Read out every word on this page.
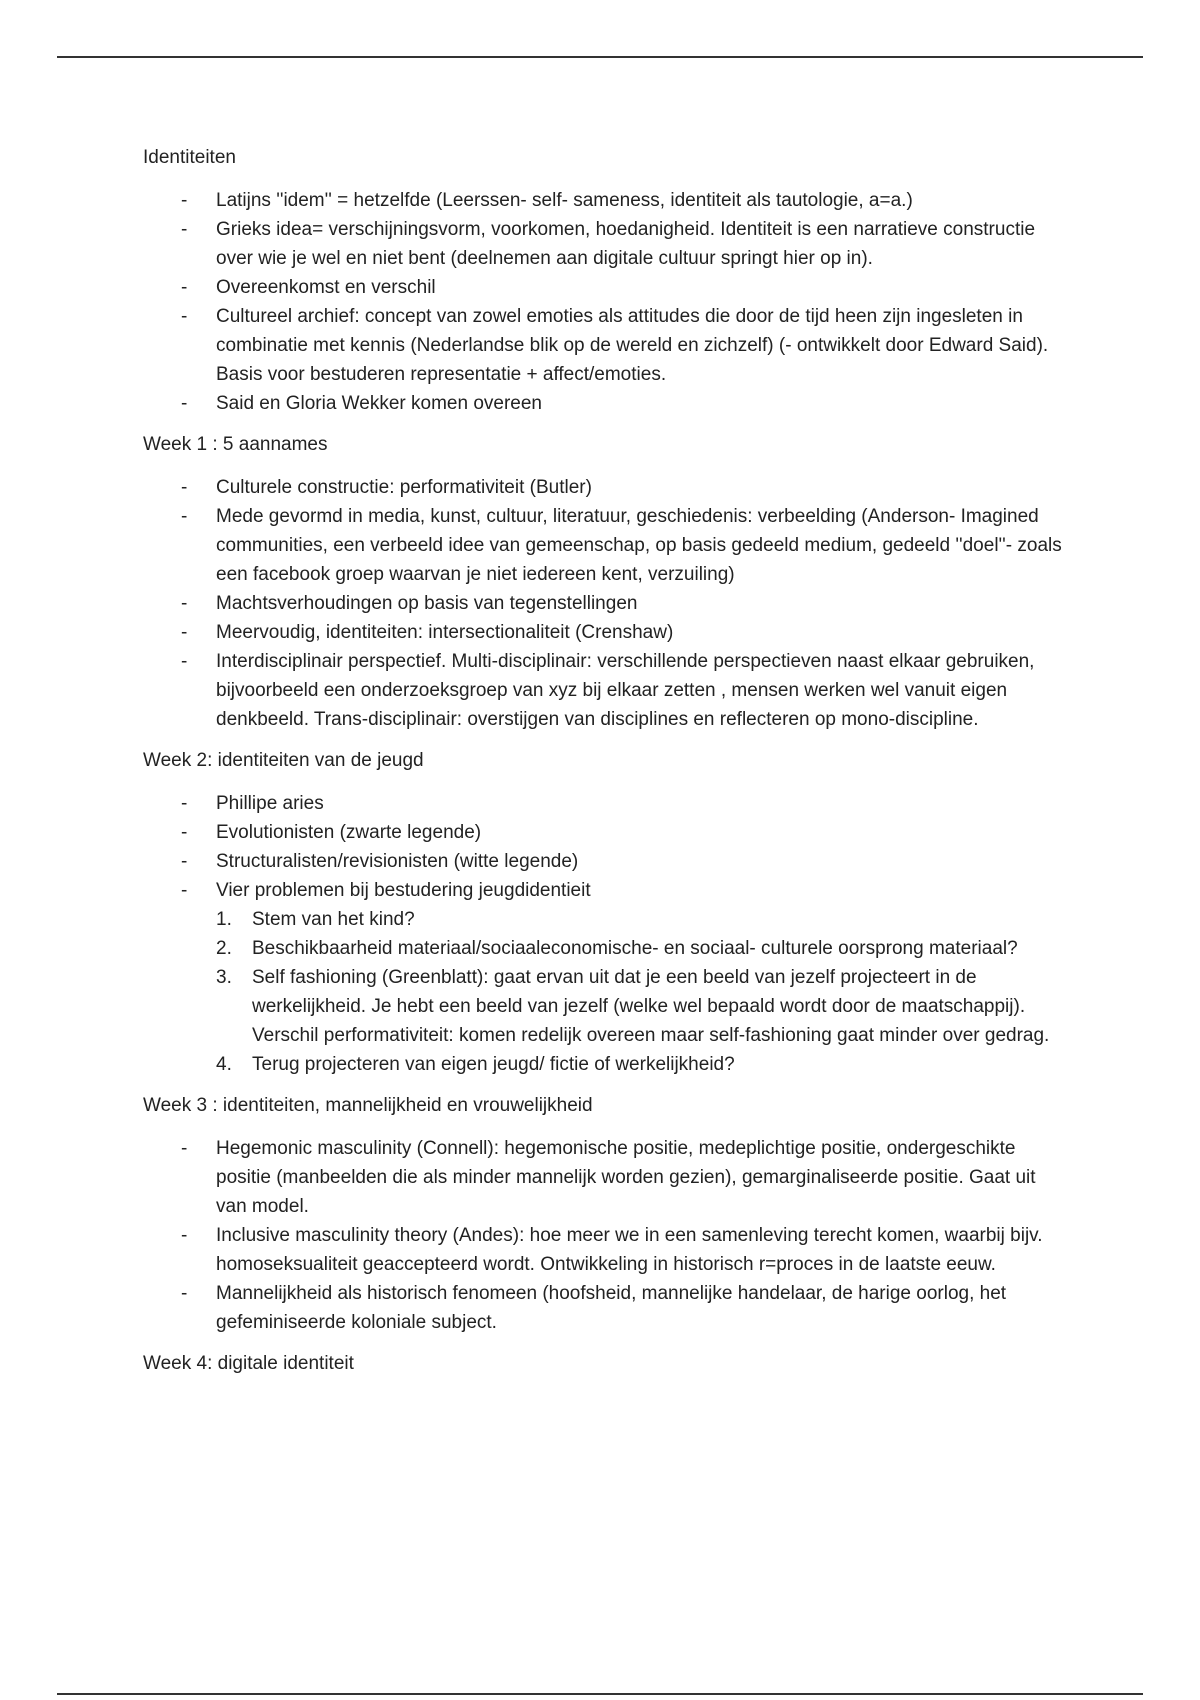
Identiteiten

- Latijns ''idem'' = hetzelfde (Leerssen- self- sameness, identiteit als tautologie, a=a.)
- Grieks idea= verschijningsvorm, voorkomen, hoedanigheid. Identiteit is een narratieve constructie over wie je wel en niet bent (deelnemen aan digitale cultuur springt hier op in).
- Overeenkomst en verschil
- Cultureel archief: concept van zowel emoties als attitudes die door de tijd heen zijn ingesleten in combinatie met kennis (Nederlandse blik op de wereld en zichzelf) (- ontwikkelt door Edward Said). Basis voor bestuderen representatie + affect/emoties.
- Said en Gloria Wekker komen overeen

Week 1 : 5 aannames

- Culturele constructie: performativiteit (Butler)
- Mede gevormd in media, kunst, cultuur, literatuur, geschiedenis: verbeelding (Anderson- Imagined communities, een verbeeld idee van gemeenschap, op basis gedeeld medium, gedeeld ''doel''- zoals een facebook groep waarvan je niet iedereen kent, verzuiling)
- Machtsverhoudingen op basis van tegenstellingen
- Meervoudig, identiteiten: intersectionaliteit (Crenshaw)
- Interdisciplinair perspectief. Multi-disciplinair: verschillende perspectieven naast elkaar gebruiken, bijvoorbeeld een onderzoeksgroep van xyz bij elkaar zetten , mensen werken wel vanuit eigen denkbeeld. Trans-disciplinair: overstijgen van disciplines en reflecteren op mono-discipline.

Week 2: identiteiten van de jeugd

- Phillipe aries
- Evolutionisten (zwarte legende)
- Structuralisten/revisionisten (witte legende)
- Vier problemen bij bestudering jeugdidentieit
1. Stem van het kind?
2. Beschikbaarheid materiaal/sociaaleconomische- en sociaal- culturele oorsprong materiaal?
3. Self fashioning (Greenblatt): gaat ervan uit dat je een beeld van jezelf projecteert in de werkelijkheid. Je hebt een beeld van jezelf (welke wel bepaald wordt door de maatschappij). Verschil performativiteit: komen redelijk overeen maar self-fashioning gaat minder over gedrag.
4. Terug projecteren van eigen jeugd/ fictie of werkelijkheid?

Week 3 : identiteiten, mannelijkheid en vrouwelijkheid

- Hegemonic masculinity (Connell): hegemonische positie, medeplichtige positie, ondergeschikte positie (manbeelden die als minder mannelijk worden gezien), gemarginaliseerde positie. Gaat uit van model.
- Inclusive masculinity theory (Andes): hoe meer we in een samenleving terecht komen, waarbij bijv. homoseksualiteit geaccepteerd wordt. Ontwikkeling in historisch r=proces in de laatste eeuw.
- Mannelijkheid als historisch fenomeen (hoofsheid, mannelijke handelaar, de harige oorlog, het gefeminiseerde koloniale subject.

Week 4: digitale identiteit
